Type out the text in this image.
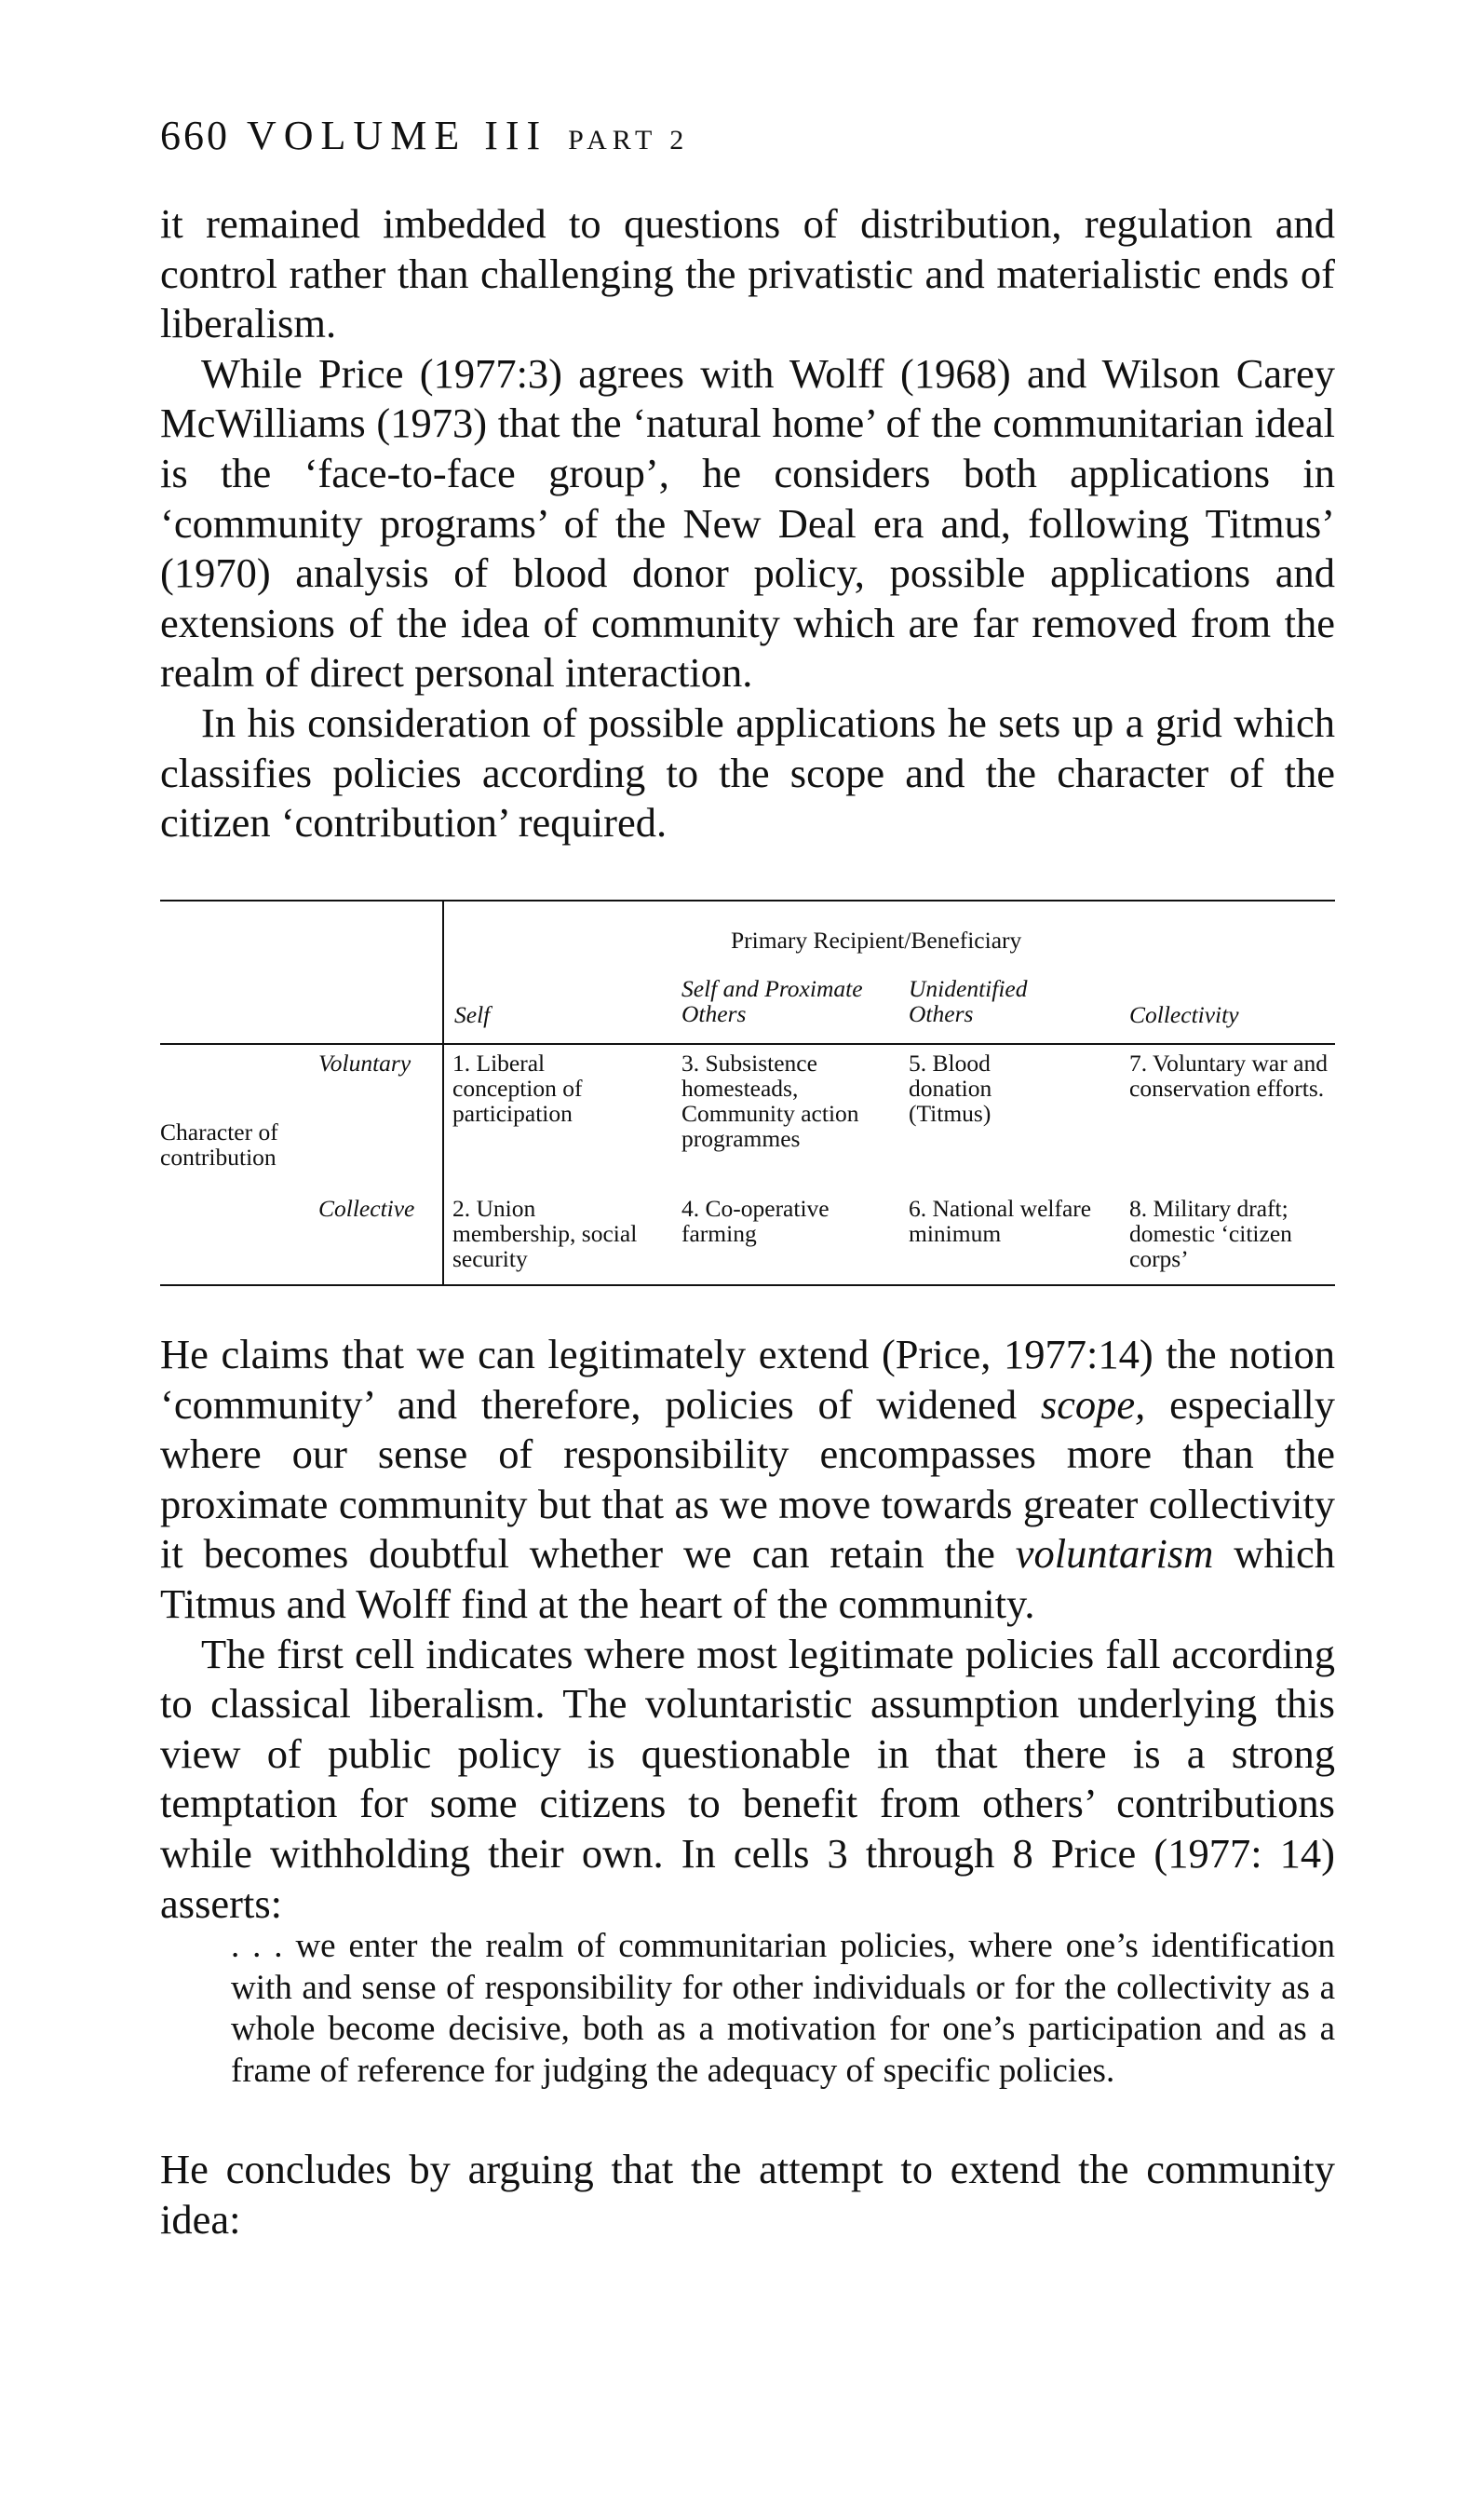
660 VOLUME III PART 2

it remained imbedded to questions of distribution, regulation and control rather than challenging the privatistic and materialistic ends of liberalism.

While Price (1977:3) agrees with Wolff (1968) and Wilson Carey McWilliams (1973) that the ‘natural home’ of the communitarian ideal is the ‘face-to-face group’, he considers both applications in ‘community programs’ of the New Deal era and, following Titmus’ (1970) analysis of blood donor policy, possible applications and extensions of the idea of community which are far removed from the realm of direct personal interaction.

In his consideration of possible applications he sets up a grid which classifies policies according to the scope and the character of the citizen ‘contribution’ required.

Primary Recipient/Beneficiary
Self
Self and Proximate Others
Unidentified Others	Collectivity
Character of contribution
Voluntary
Collective
1. Liberal conception of participation
3. Subsistence homesteads, Community action programmes
5. Blood donation (Titmus)
7. Voluntary war and conservation efforts.
2. Union membership, social security
4. Co-operative farming
6. National welfare minimum
8. Military draft; domestic ‘citizen corps’

He claims that we can legitimately extend (Price, 1977:14) the notion ‘community’ and therefore, policies of widened scope, especially where our sense of responsibility encompasses more than the proximate community but that as we move towards greater collectivity it becomes doubtful whether we can retain the voluntarism which Titmus and Wolff find at the heart of the community.

The first cell indicates where most legitimate policies fall according to classical liberalism. The voluntaristic assumption underlying this view of public policy is questionable in that there is a strong temptation for some citizens to benefit from others’ contributions while withholding their own. In cells 3 through 8 Price (1977: 14) asserts:

. . . we enter the realm of communitarian policies, where one’s identification with and sense of responsibility for other individuals or for the collectivity as a whole become decisive, both as a motivation for one’s participation and as a frame of reference for judging the adequacy of specific policies.

He concludes by arguing that the attempt to extend the community idea:
